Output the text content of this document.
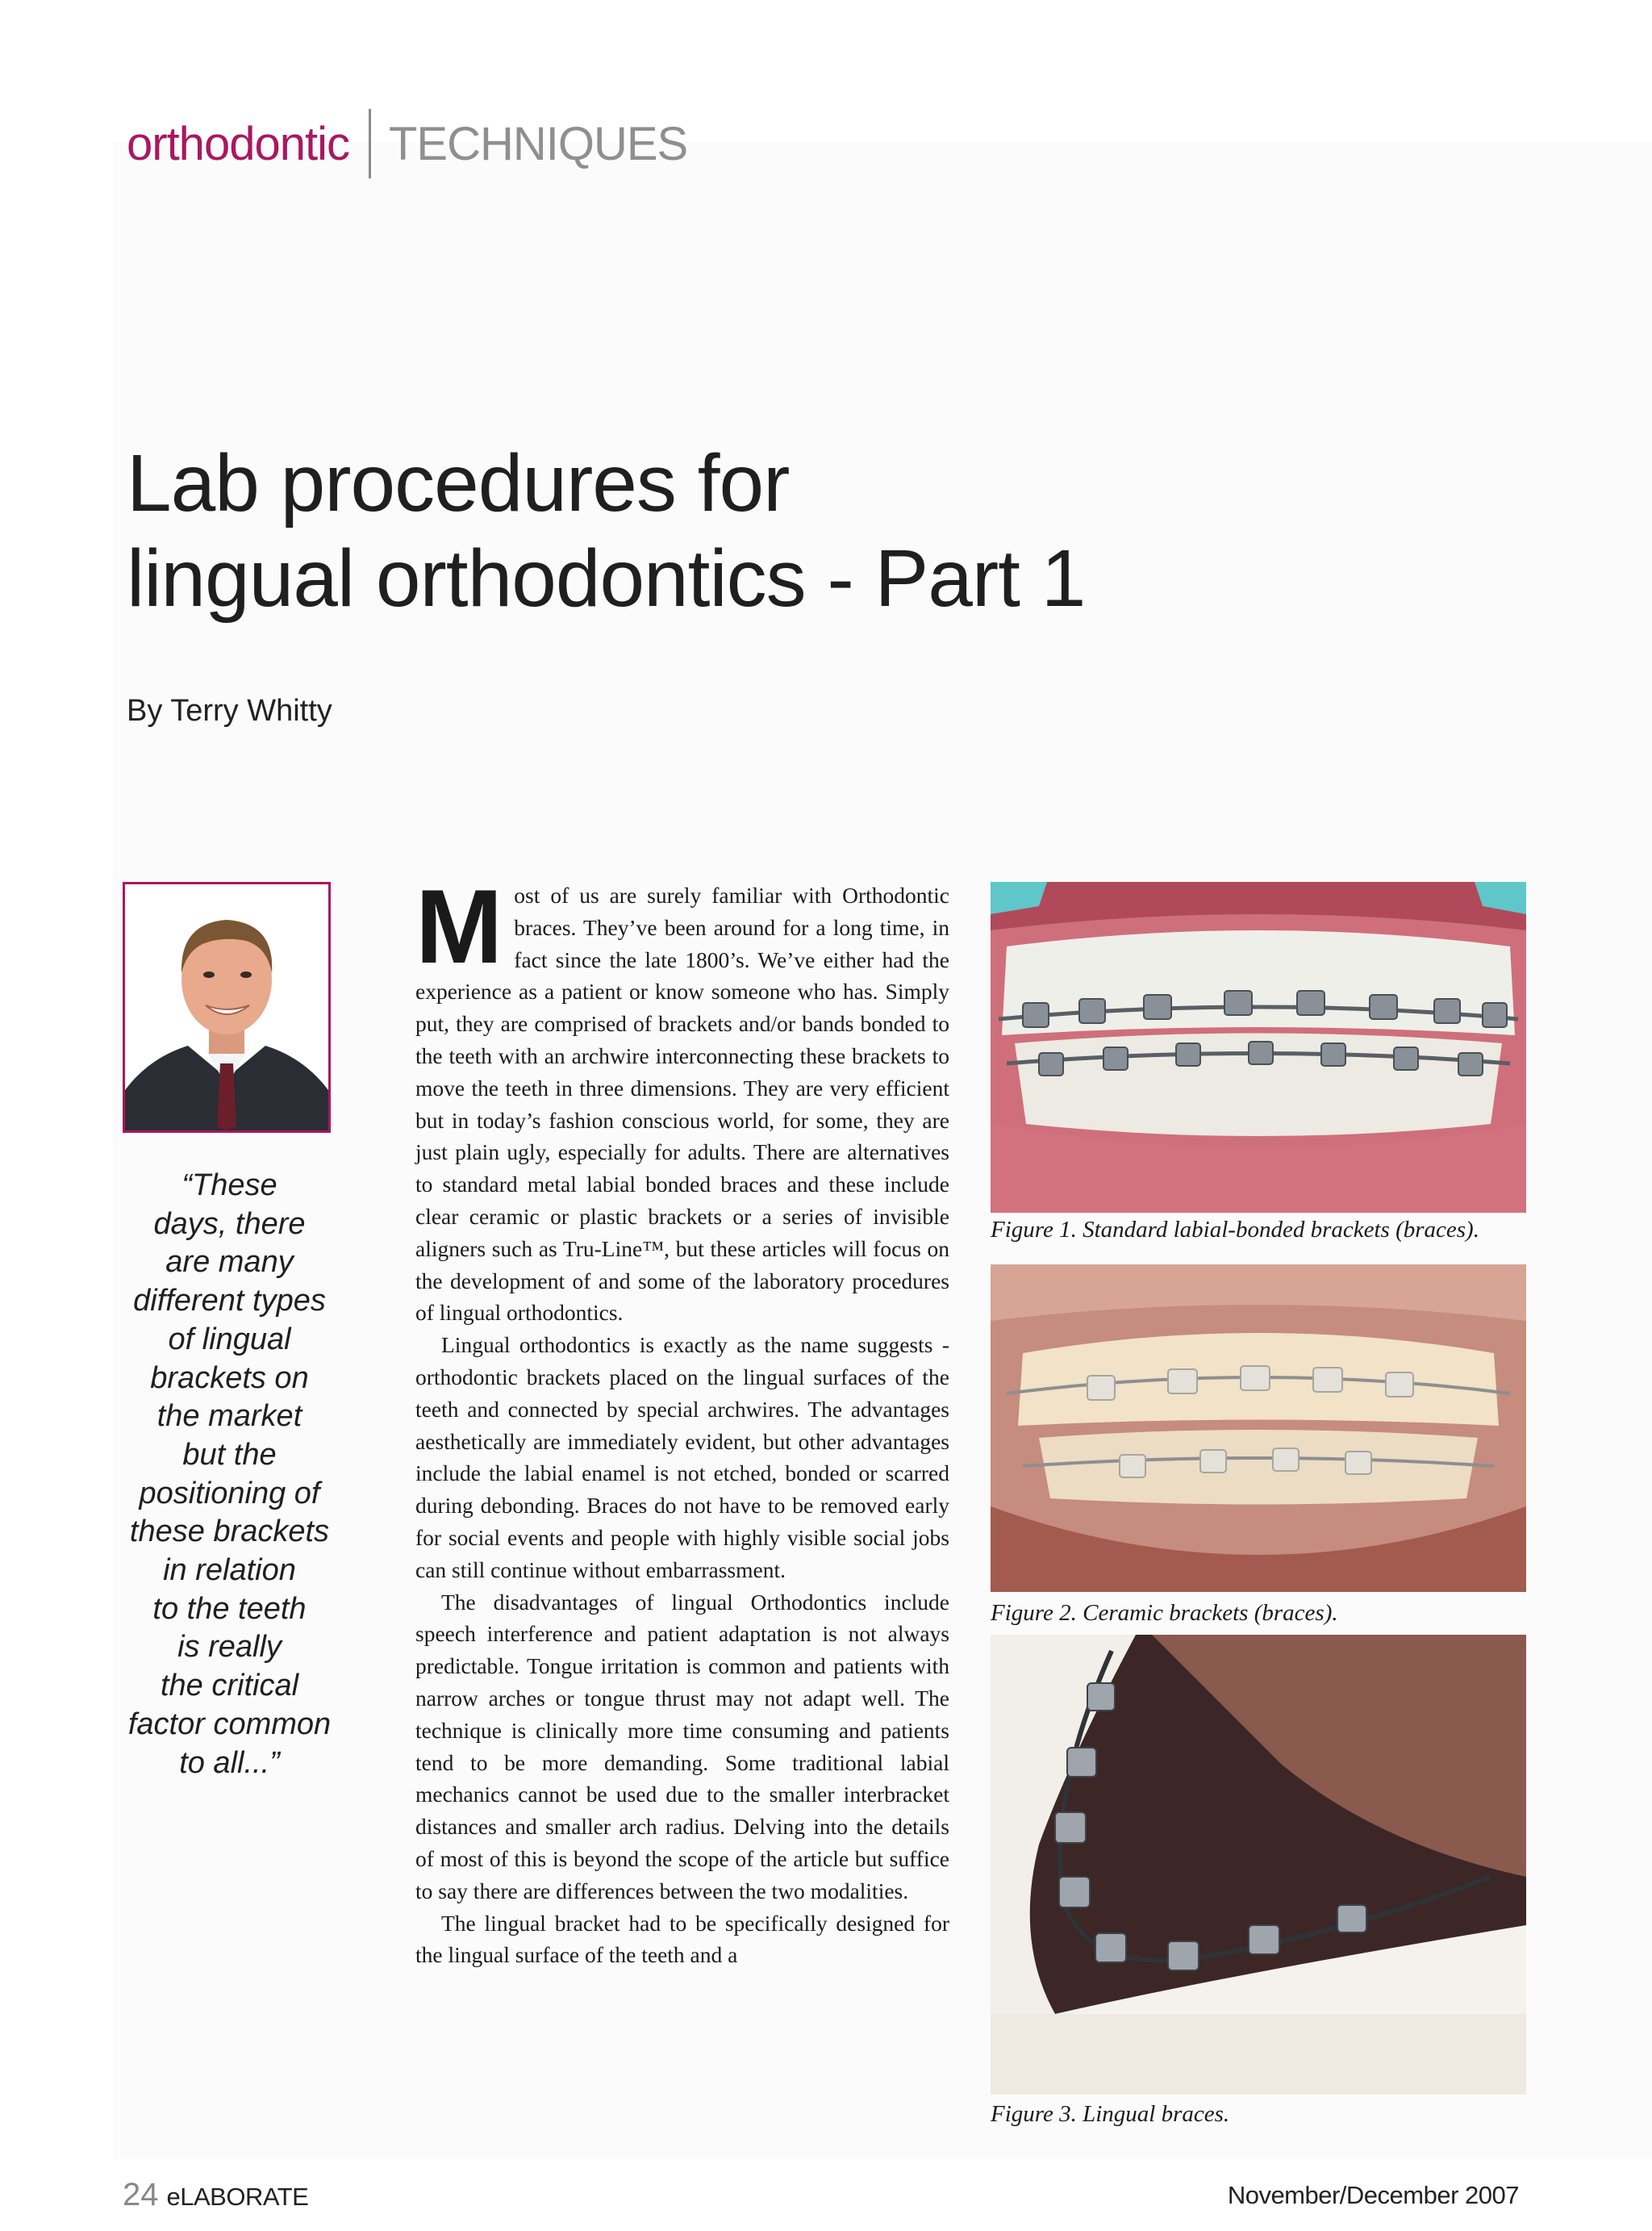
orthodontic TECHNIQUES
Lab procedures for
lingual orthodontics - Part 1
By Terry Whitty
“These
days, there
are many
different types
of lingual
brackets on
the market
but the
positioning of
these brackets
in relation
to the teeth
is really
the critical
factor common
to all...”

Most of us are surely familiar with Orthodontic braces. They’ve been around for a long time, in fact since the late 1800’s. We’ve either had the experience as a patient or know someone who has. Simply put, they are comprised of brackets and/or bands bonded to the teeth with an archwire interconnecting these brackets to move the teeth in three dimensions. They are very efficient but in today’s fashion conscious world, for some, they are just plain ugly, especially for adults. There are alternatives to standard metal labial bonded braces and these include clear ceramic or plastic brackets or a series of invisible aligners such as Tru-Line™, but these articles will focus on the development of and some of the laboratory procedures of lingual orthodontics.

Lingual orthodontics is exactly as the name suggests - orthodontic brackets placed on the lingual surfaces of the teeth and connected by special archwires. The advantages aesthetically are immediately evident, but other advantages include the labial enamel is not etched, bonded or scarred during debonding. Braces do not have to be removed early for social events and people with highly visible social jobs can still continue without embarrassment.

The disadvantages of lingual Orthodontics include speech interference and patient adaptation is not always predictable. Tongue irritation is common and patients with narrow arches or tongue thrust may not adapt well. The technique is clinically more time consuming and patients tend to be more demanding. Some traditional labial mechanics cannot be used due to the smaller interbracket distances and smaller arch radius. Delving into the details of most of this is beyond the scope of the article but suffice to say there are differences between the two modalities.

The lingual bracket had to be specifically designed for the lingual surface of the teeth and a

Figure 1. Standard labial-bonded brackets (braces).
Figure 2. Ceramic brackets (braces).
Figure 3. Lingual braces.
24 eLABORATE	November/December 2007
